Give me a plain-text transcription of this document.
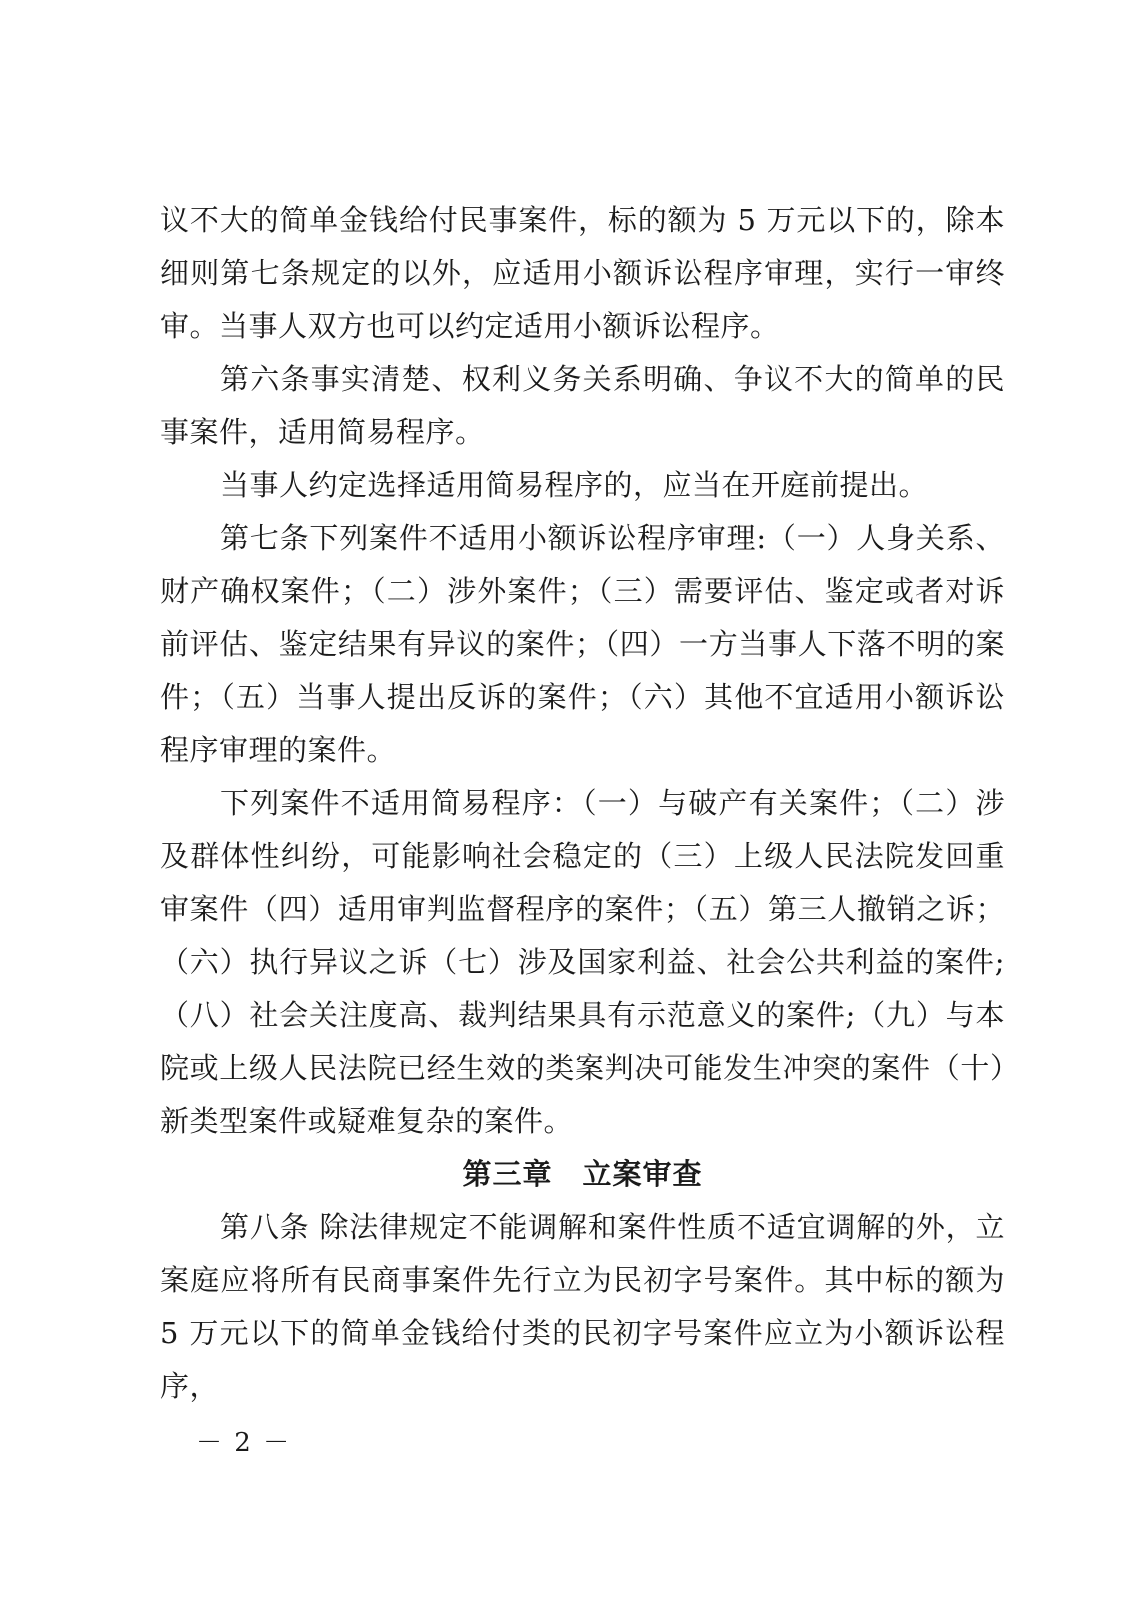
议不大的简单金钱给付民事案件，标的额为 5 万元以下的，除本细则第七条规定的以外，应适用小额诉讼程序审理，实行一审终审。当事人双方也可以约定适用小额诉讼程序。

第六条事实清楚、权利义务关系明确、争议不大的简单的民事案件，适用简易程序。

当事人约定选择适用简易程序的，应当在开庭前提出。

第七条下列案件不适用小额诉讼程序审理:（一）人身关系、财产确权案件；（二）涉外案件；（三）需要评估、鉴定或者对诉前评估、鉴定结果有异议的案件；（四）一方当事人下落不明的案件；（五）当事人提出反诉的案件；（六）其他不宜适用小额诉讼程序审理的案件。

下列案件不适用简易程序：（一）与破产有关案件；（二）涉及群体性纠纷，可能影响社会稳定的（三）上级人民法院发回重审案件（四）适用审判监督程序的案件；（五）第三人撤销之诉；（六）执行异议之诉（七）涉及国家利益、社会公共利益的案件;（八）社会关注度高、裁判结果具有示范意义的案件;（九）与本院或上级人民法院已经生效的类案判决可能发生冲突的案件（十）新类型案件或疑难复杂的案件。

第三章　立案审查

第八条 除法律规定不能调解和案件性质不适宜调解的外，立案庭应将所有民商事案件先行立为民初字号案件。其中标的额为 5 万元以下的简单金钱给付类的民初字号案件应立为小额诉讼程序，

－ 2 －
